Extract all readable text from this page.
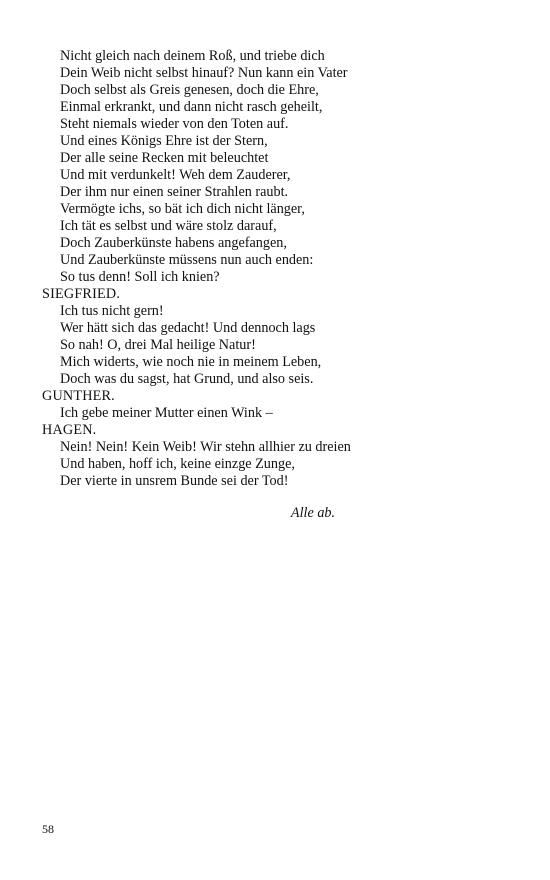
Nicht gleich nach deinem Roß, und triebe dich
Dein Weib nicht selbst hinauf? Nun kann ein Vater
Doch selbst als Greis genesen, doch die Ehre,
Einmal erkrankt, und dann nicht rasch geheilt,
Steht niemals wieder von den Toten auf.
Und eines Königs Ehre ist der Stern,
Der alle seine Recken mit beleuchtet
Und mit verdunkelt! Weh dem Zauderer,
Der ihm nur einen seiner Strahlen raubt.
Vermögte ichs, so bät ich dich nicht länger,
Ich tät es selbst und wäre stolz darauf,
Doch Zauberkünste habens angefangen,
Und Zauberkünste müssens nun auch enden:
So tus denn! Soll ich knien?
SIEGFRIED.
Ich tus nicht gern!
Wer hätt sich das gedacht! Und dennoch lags
So nah! O, drei Mal heilige Natur!
Mich widerts, wie noch nie in meinem Leben,
Doch was du sagst, hat Grund, und also seis.
GUNTHER.
Ich gebe meiner Mutter einen Wink –
HAGEN.
Nein! Nein! Kein Weib! Wir stehn allhier zu dreien
Und haben, hoff ich, keine einzge Zunge,
Der vierte in unsrem Bunde sei der Tod!
Alle ab.
58
